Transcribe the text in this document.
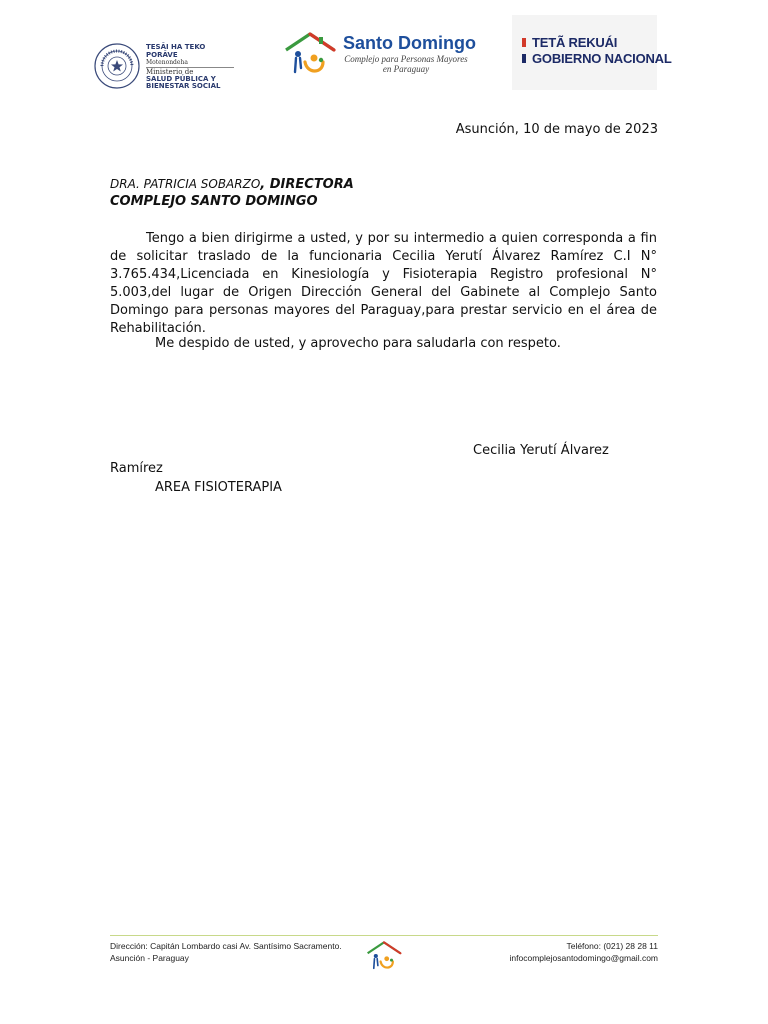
TESÃI HA TEKO PORÃVE
Motenondeha
Ministerio de
SALUD PÚBLICA Y BIENESTAR SOCIAL
Santo Domingo
Complejo para Personas Mayores en Paraguay
TETÃ REKUÁI
GOBIERNO NACIONAL
Asunción, 10 de mayo de 2023
DRA. PATRICIA SOBARZO, DIRECTORA
COMPLEJO SANTO DOMINGO
Tengo a bien dirigirme a usted, y por su intermedio a quien corresponda a fin de solicitar traslado de la funcionaria Cecilia Yerutí Álvarez Ramírez C.I N° 3.765.434,Licenciada en Kinesiología y Fisioterapia Registro profesional N° 5.003,del lugar de Origen Dirección General del Gabinete al Complejo Santo Domingo para personas mayores del Paraguay,para prestar servicio en el área de Rehabilitación.
Me despido de usted, y aprovecho para saludarla con respeto.
Cecilia Yerutí Álvarez
Ramírez
AREA FISIOTERAPIA
Dirección: Capitán Lombardo casi Av. Santísimo Sacramento.
Asunción - Paraguay
Teléfono: (021) 28 28 11
infocomplejosantodomingo@gmail.com
